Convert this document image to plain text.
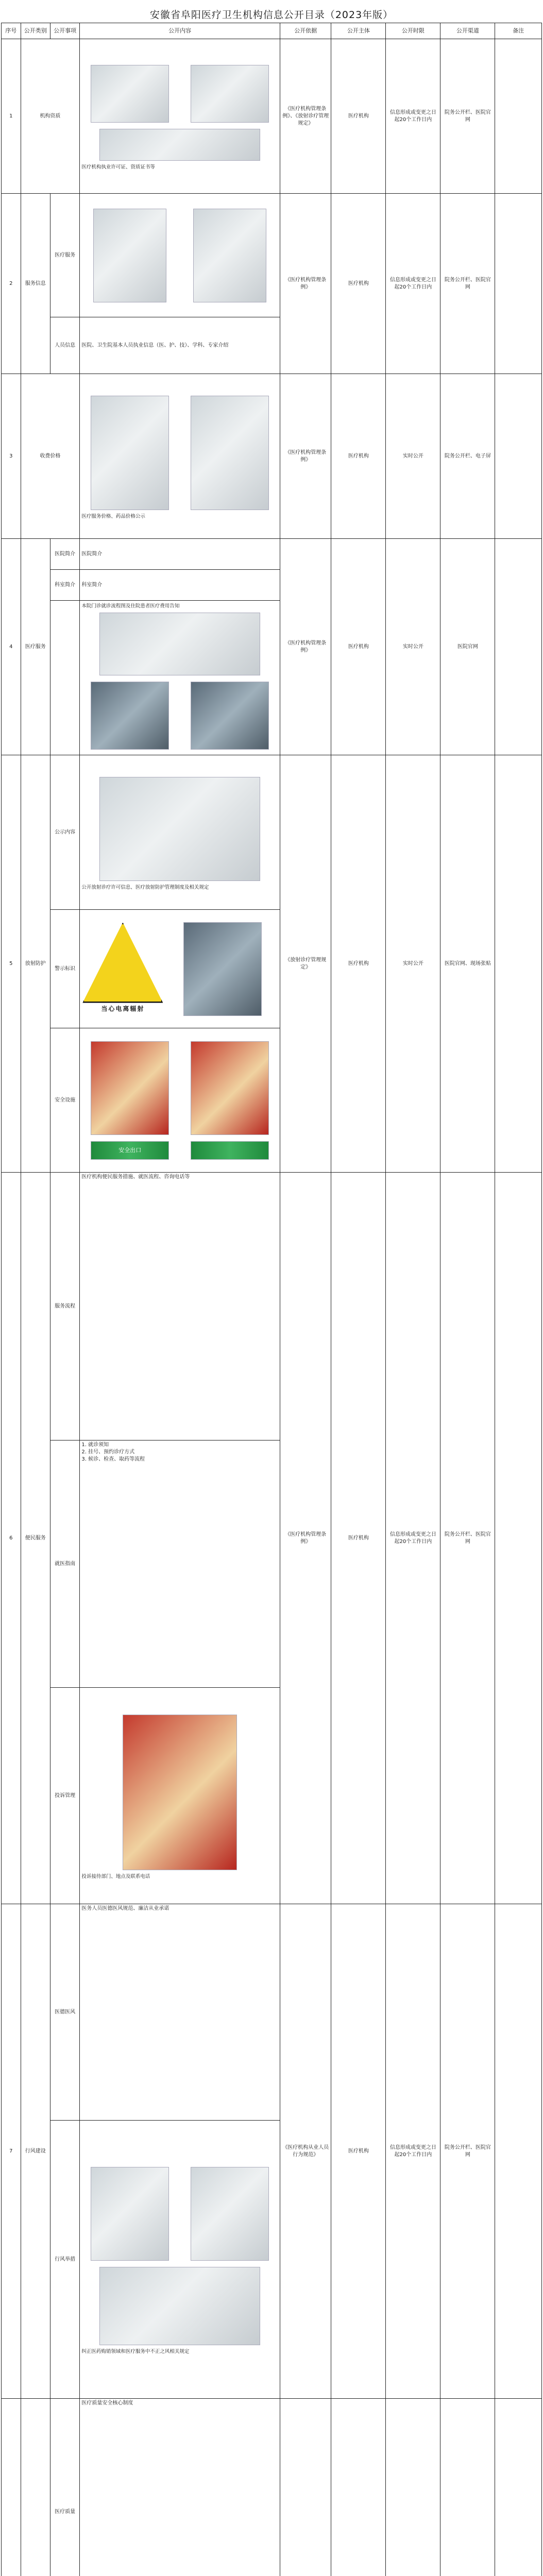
安徽省阜阳医疗卫生机构信息公开目录（2023年版）
序号	公开类别	公开事项	公开内容	公开依据	公开主体	公开时限	公开渠道	备注
1	机构资质		医疗机构执业许可证、资质证书等	《医疗机构管理条例》、《放射诊疗管理规定》	医疗机构	信息形成或变更之日起20个工作日内	院务公开栏、医院官网	
2	服务信息	医疗服务		《医疗机构管理条例》	医疗机构	信息形成或变更之日起20个工作日内	院务公开栏、医院官网	
		人员信息	医院、卫生院基本人员执业信息（医、护、技）、学科、专家介绍					
3	收费价格		医疗服务价格、药品价格公示	《医疗机构管理条例》	医疗机构	实时公开	院务公开栏、电子屏	
4	医疗服务	医院简介	医院简介	《医疗机构管理条例》	医疗机构	实时公开	医院官网	
		科室简介	科室简介					

			本院门诊就诊流程图及住院患者医疗费用告知					

5	放射防护	公示内容	公开放射诊疗许可信息、医疗放射防护管理制度及相关规定	《放射诊疗管理规定》	医疗机构	实时公开	医院官网、现场张贴	
		警示标识	当心电离辐射					

		安全设施	安全出口					

6	便民服务	服务流程	医疗机构便民服务措施、就医流程、咨询电话等	《医疗机构管理条例》	医疗机构	信息形成或变更之日起20个工作日内	院务公开栏、医院官网	
		就医指南	1. 就诊须知
2. 挂号、预约诊疗方式
3. 候诊、检查、取药等流程					
		投诉管理	投诉接待部门、地点及联系电话					

7	行风建设	医德医风	医务人员医德医风规范、廉洁从业承诺	《医疗机构从业人员行为规范》	医疗机构	信息形成或变更之日起20个工作日内	院务公开栏、医院官网	
		行风举措	纠正医药购销领域和医疗服务中不正之风相关规定					

		医疗质量	医疗质量安全核心制度					
